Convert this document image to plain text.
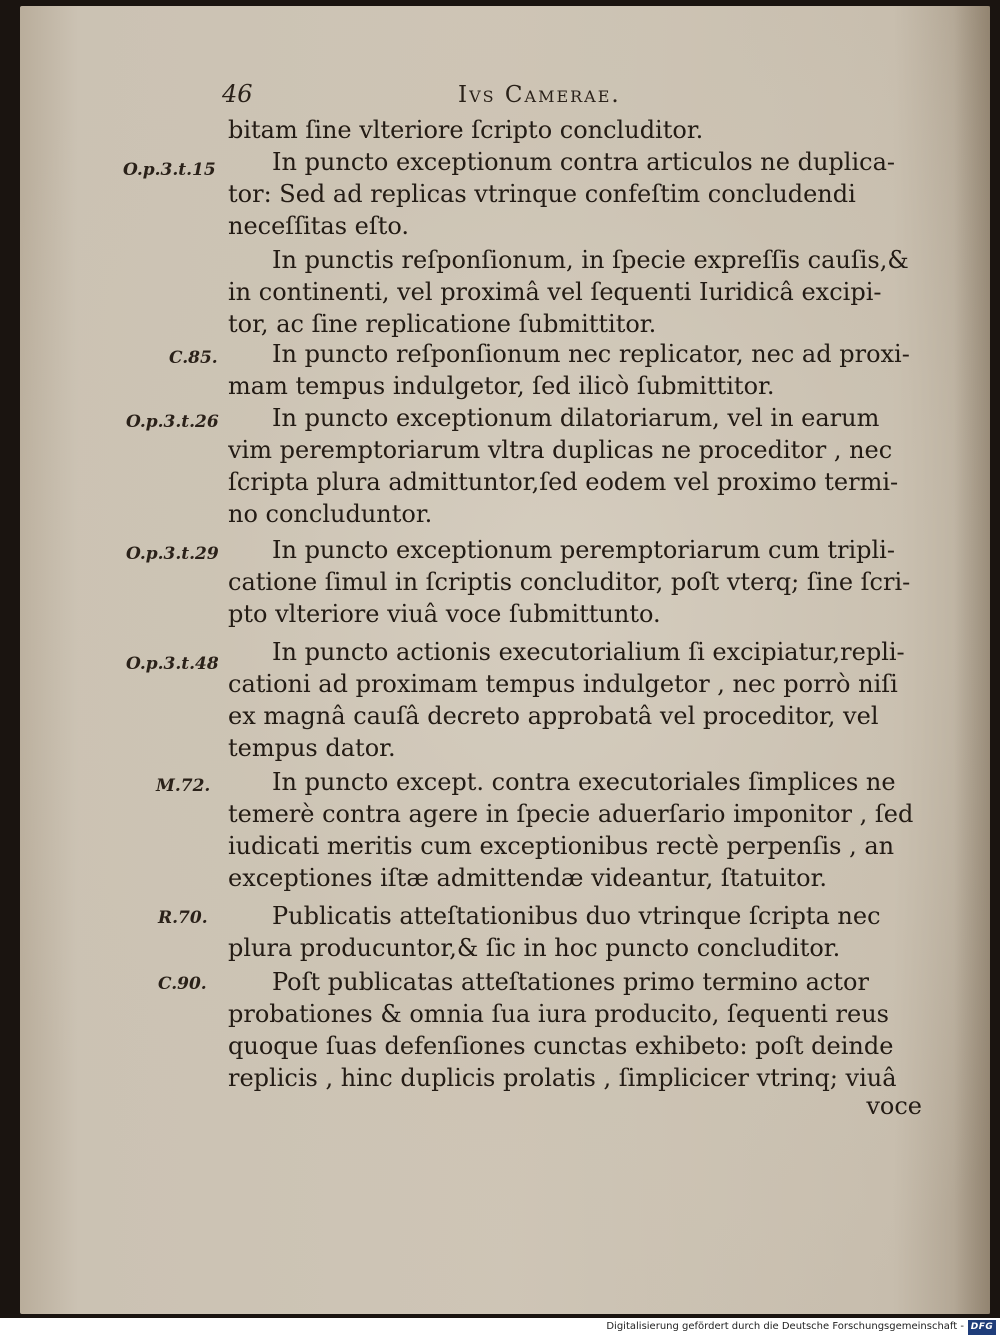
46	Ivs Camerae.
O.p.3.t.15
C.85.
O.p.3.t.26
O.p.3.t.29
O.p.3.t.48
M.72.
R.70.
C.90.
bitam ſine vlteriore ſcripto concluditor.
In puncto exceptionum contra articulos ne duplica-
tor: Sed ad replicas vtrinque confeſtim concludendi
neceſſitas eſto.
In punctis reſponſionum, in ſpecie expreſſis cauſis,&
in continenti, vel proximâ vel ſequenti Iuridicâ excipi-
tor, ac ſine replicatione ſubmittitor.
In puncto reſponſionum nec replicator, nec ad proxi-
mam tempus indulgetor, ſed ilicò ſubmittitor.
In puncto exceptionum dilatoriarum, vel in earum
vim peremptoriarum vltra duplicas ne proceditor , nec
ſcripta plura admittuntor,ſed eodem vel proximo termi-
no concluduntor.
In puncto exceptionum peremptoriarum cum tripli-
catione ſimul in ſcriptis concluditor, poſt vterq; ſine ſcri-
pto vlteriore viuâ voce ſubmittunto.
In puncto actionis executorialium ſi excipiatur,repli-
cationi ad proximam tempus indulgetor , nec porrò niſi
ex magnâ cauſâ decreto approbatâ vel proceditor, vel
tempus dator.
In puncto except. contra executoriales ſimplices ne
temerè contra agere in ſpecie aduerſario imponitor , ſed
iudicati meritis cum exceptionibus rectè perpenſis , an
exceptiones iſtæ admittendæ videantur, ſtatuitor.
Publicatis atteſtationibus duo vtrinque ſcripta nec
plura producuntor,& ſic in hoc puncto concluditor.
Poſt publicatas atteſtationes primo termino actor
probationes & omnia ſua iura producito, ſequenti reus
quoque ſuas defenſiones cunctas exhibeto: poſt deinde
replicis , hinc duplicis prolatis , ſimplicicer vtrinq; viuâ
voce
Digitalisierung gefördert durch die Deutsche Forschungsgemeinschaft - DFG
